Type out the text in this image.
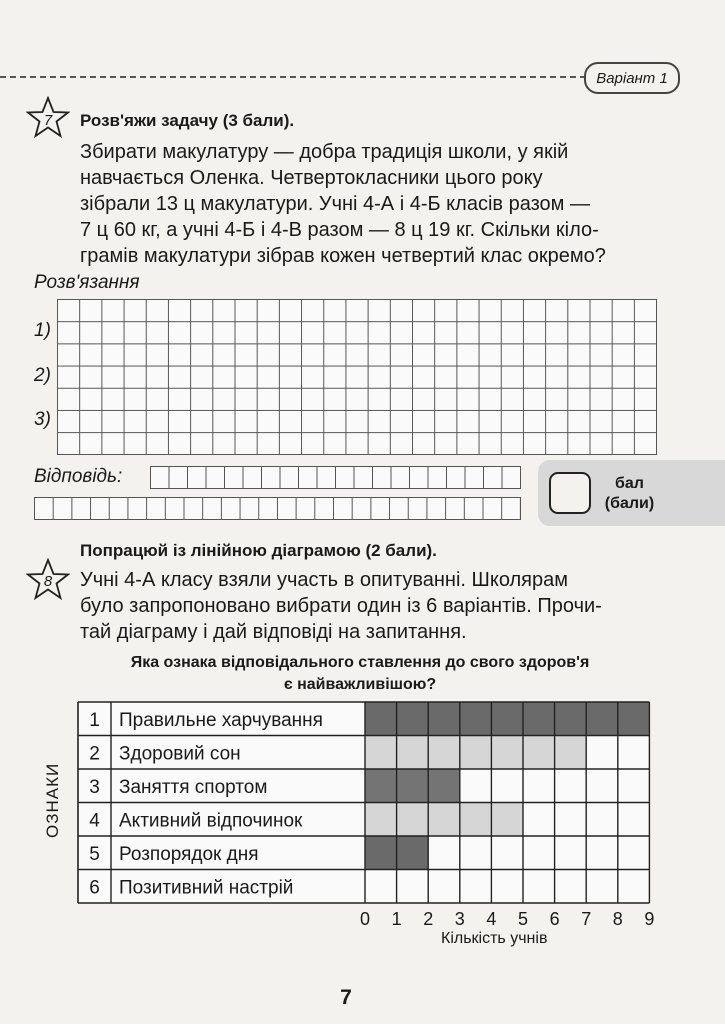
Варіант 1
7	Розв'яжи задачу (3 бали).
Збирати макулатуру — добра традиція школи, у якій
навчається Оленка. Четвертокласники цього року
зібрали 13 ц макулатури. Учні 4-А і 4-Б класів разом —
7 ц 60 кг, а учні 4-Б і 4-В разом — 8 ц 19 кг. Скільки кіло-
грамів макулатури зібрав кожен четвертий клас окремо?
Розв'язання
1)
2)
3)
Відповідь:	бал
(бали)
Попрацюй із лінійною діаграмою (2 бали).
8 Учні 4-А класу взяли участь в опитуванні. Школярам
було запропоновано вибрати один із 6 варіантів. Прочи-
тай діаграму і дай відповіді на запитання.
Яка ознака відповідального ставлення до свого здоров'я
є найважливішою?
ОЗНАКИ
1 Правильне харчування
2 Здоровий сон
3 Заняття спортом
4 Активний відпочинок
5 Розпорядок дня
6 Позитивний настрій
0 1 2 3 4 5 6 7 8 9
Кількість учнів
7
